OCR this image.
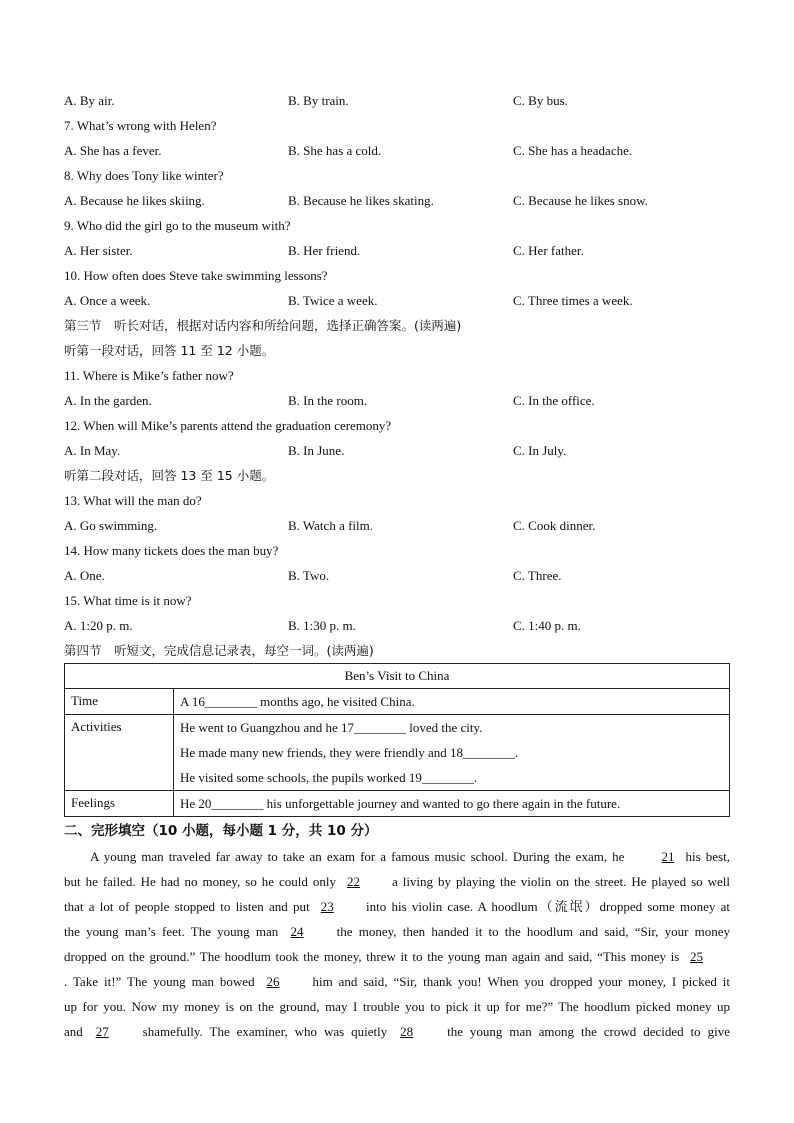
A. By air.	B. By train.	C. By bus.
7. What’s wrong with Helen?
A. She has a fever.	B. She has a cold.	C. She has a headache.
8. Why does Tony like winter?
A. Because he likes skiing.	B. Because he likes skating.	C. Because he likes snow.
9. Who did the girl go to the museum with?
A. Her sister.	B. Her friend.	C. Her father.
10. How often does Steve take swimming lessons?
A. Once a week.	B. Twice a week.	C. Three times a week.
第三节　听长对话，根据对话内容和所给问题，选择正确答案。(读两遍)
听第一段对话，回答 11 至 12 小题。
11. Where is Mike’s father now?
A. In the garden.	B. In the room.	C. In the office.
12. When will Mike’s parents attend the graduation ceremony?
A. In May.	B. In June.	C. In July.
听第二段对话，回答 13 至 15 小题。
13. What will the man do?
A. Go swimming.	B. Watch a film.	C. Cook dinner.
14. How many tickets does the man buy?
A. One.	B. Two.	C. Three.
15. What time is it now?
A. 1:20 p. m.	B. 1:30 p. m.	C. 1:40 p. m.
第四节　听短文，完成信息记录表，每空一词。(读两遍)
Ben’s Visit to China	
Time	A 16________ months ago, he visited China.

Activities	He went to Guangzhou and he 17________ loved the city.
He made many new friends, they were friendly and 18________.
He visited some schools, the pupils worked 19________.

Feelings	He 20________ his unforgettable journey and wanted to go there again in the future.
二、完形填空（10 小题，每小题 1 分，共 10 分）
A young man traveled far away to take an exam for a famous music school. During the exam, he 21 his best,
but he failed. He had no money, so he could only 22 a living by playing the violin on the street. He played so well
that a lot of people stopped to listen and put 23 into his violin case. A hoodlum（流氓）dropped some money at
the young man’s feet. The young man 24 the money, then handed it to the hoodlum and said, “Sir, your money
dropped on the ground.” The hoodlum took the money, threw it to the young man again and said, “This money is 25
. Take it!” The young man bowed 26 him and said, “Sir, thank you! When you dropped your money, I picked it
up for you. Now my money is on the ground, may I trouble you to pick it up for me?” The hoodlum picked money up
and 27 shamefully. The examiner, who was quietly 28 the young man among the crowd decided to give
